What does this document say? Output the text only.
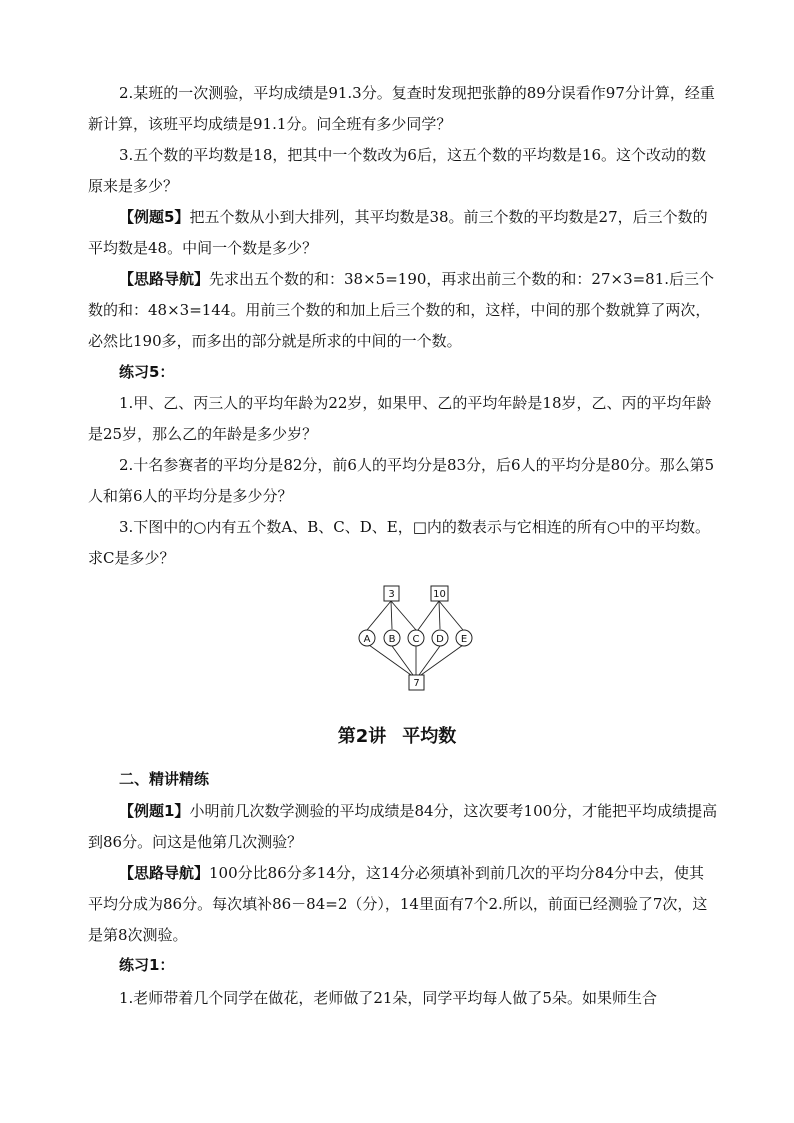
2.某班的一次测验，平均成绩是91.3分。复查时发现把张静的89分误看作97分计算，经重新计算，该班平均成绩是91.1分。问全班有多少同学？

3.五个数的平均数是18，把其中一个数改为6后，这五个数的平均数是16。这个改动的数原来是多少？

【例题5】把五个数从小到大排列，其平均数是38。前三个数的平均数是27，后三个数的平均数是48。中间一个数是多少？

【思路导航】先求出五个数的和：38×5=190，再求出前三个数的和：27×3=81.后三个数的和：48×3=144。用前三个数的和加上后三个数的和，这样，中间的那个数就算了两次，必然比190多，而多出的部分就是所求的中间的一个数。

练习5：

1.甲、乙、丙三人的平均年龄为22岁，如果甲、乙的平均年龄是18岁，乙、丙的平均年龄是25岁，那么乙的年龄是多少岁？

2.十名参赛者的平均分是82分，前6人的平均分是83分，后6人的平均分是80分。那么第5人和第6人的平均分是多少分？

3.下图中的○内有五个数A、B、C、D、E，□内的数表示与它相连的所有○中的平均数。求C是多少？

3	10
7
A B C D E
第2讲 平均数

二、精讲精练

【例题1】小明前几次数学测验的平均成绩是84分，这次要考100分，才能把平均成绩提高到86分。问这是他第几次测验？

【思路导航】100分比86分多14分，这14分必须填补到前几次的平均分84分中去，使其平均分成为86分。每次填补86－84=2（分），14里面有7个2.所以，前面已经测验了7次，这是第8次测验。

练习1：

1.老师带着几个同学在做花，老师做了21朵，同学平均每人做了5朵。如果师生合
